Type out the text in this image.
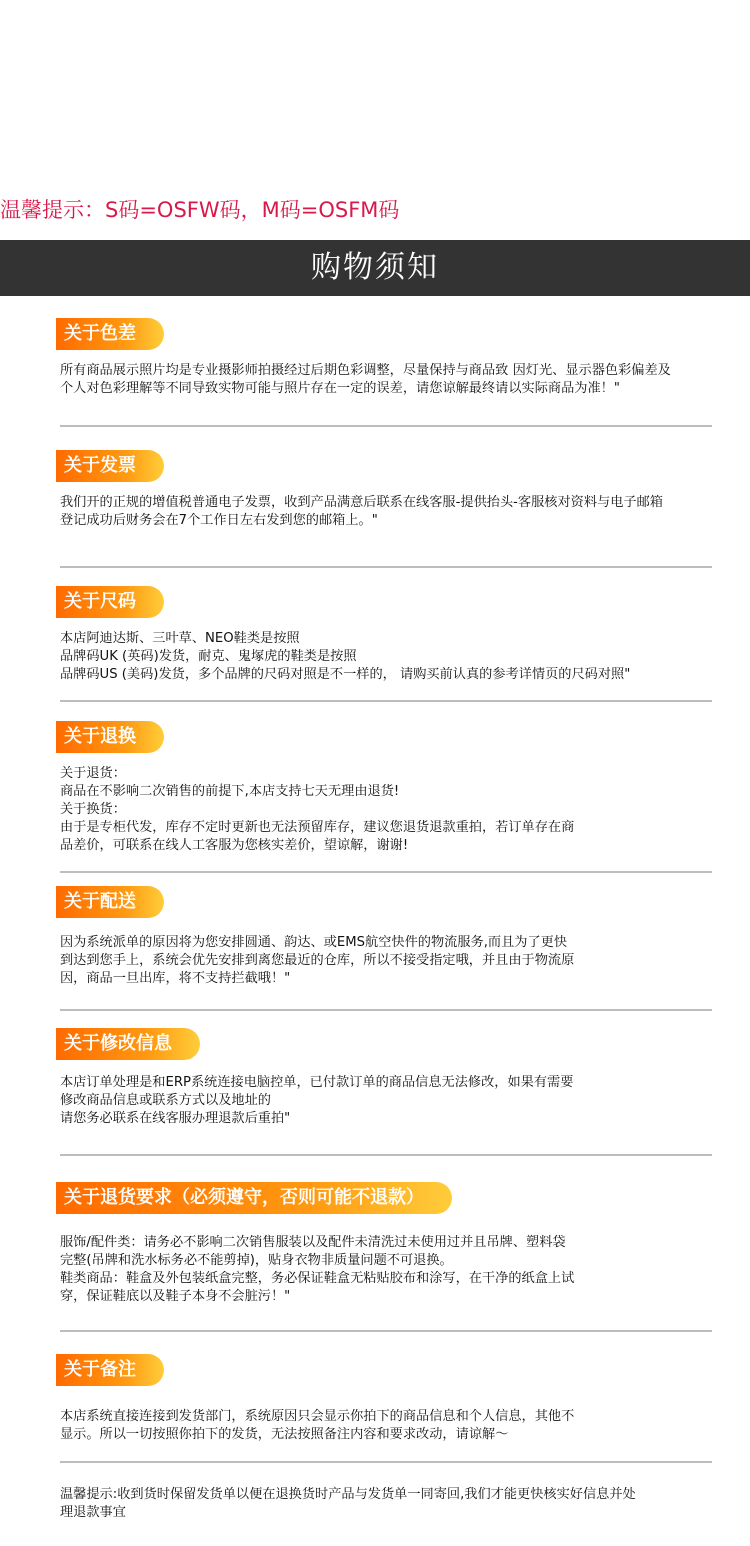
温馨提示：S码=OSFW码，M码=OSFM码
购物须知
关于色差
所有商品展示照片均是专业摄影师拍摄经过后期色彩调整，尽量保持与商品致 因灯光、显示器色彩偏差及
个人对色彩理解等不同导致实物可能与照片存在一定的误差，请您谅解最终请以实际商品为准！"
关于发票
我们开的正规的增值税普通电子发票，收到产品满意后联系在线客服-提供抬头-客服核对资料与电子邮箱
登记成功后财务会在7个工作日左右发到您的邮箱上。"
关于尺码
本店阿迪达斯、三叶草、NEO鞋类是按照
品牌码UK (英码)发货，耐克、鬼塚虎的鞋类是按照
品牌码US (美码)发货，多个品牌的尺码对照是不一样的， 请购买前认真的参考详情页的尺码对照"
关于退换
关于退货：
商品在不影响二次销售的前提下,本店支持七天无理由退货!
关于换货：
由于是专柜代发，库存不定时更新也无法预留库存，建议您退货退款重拍，若订单存在商
品差价，可联系在线人工客服为您核实差价，望谅解，谢谢!
关于配送
因为系统派单的原因将为您安排圆通、韵达、或EMS航空快件的物流服务,而且为了更快
到达到您手上，系统会优先安排到离您最近的仓库，所以不接受指定哦，并且由于物流原
因，商品一旦出库，将不支持拦截哦！"
关于修改信息
本店订单处理是和ERP系统连接电脑控单，已付款订单的商品信息无法修改，如果有需要
修改商品信息或联系方式以及地址的
请您务必联系在线客服办理退款后重拍"
关于退货要求（必须遵守，否则可能不退款）
服饰/配件类：请务必不影响二次销售服装以及配件未清洗过未使用过并且吊牌、塑料袋
完整(吊牌和洗水标务必不能剪掉)，贴身衣物非质量问题不可退换。
鞋类商品：鞋盒及外包装纸盒完整，务必保证鞋盒无粘贴胶布和涂写，在干净的纸盒上试
穿，保证鞋底以及鞋子本身不会脏污！"
关于备注
本店系统直接连接到发货部门，系统原因只会显示你拍下的商品信息和个人信息，其他不
显示。所以一切按照你拍下的发货，无法按照备注内容和要求改动，请谅解～
温馨提示:收到货时保留发货单以便在退换货时产品与发货单一同寄回,我们才能更快核实好信息并处
理退款事宜
